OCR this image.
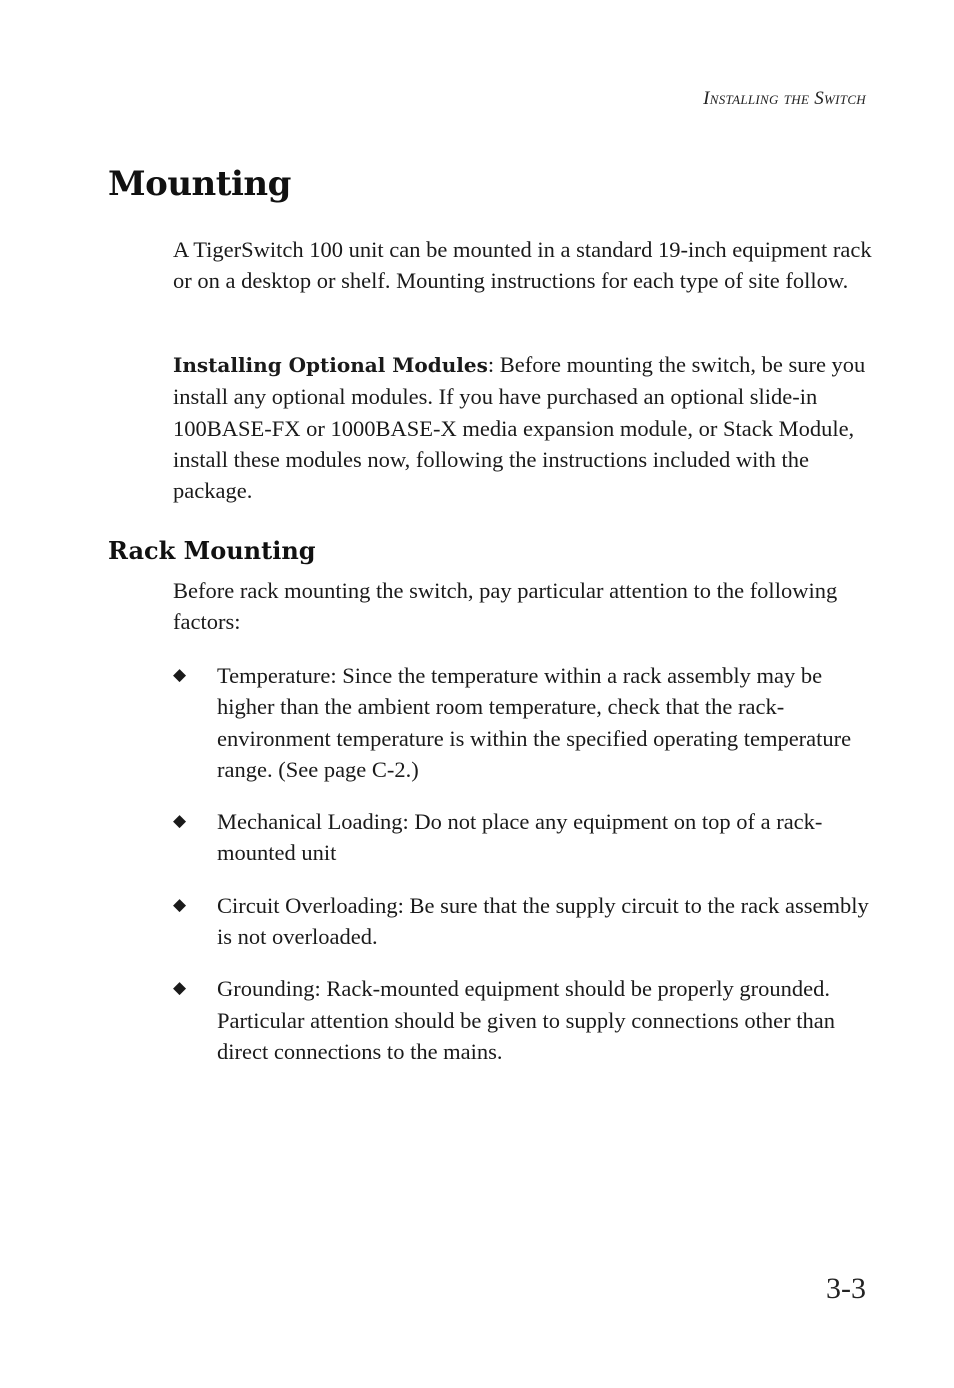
Installing the Switch
Mounting

A TigerSwitch 100 unit can be mounted in a standard 19-inch equipment rack or on a desktop or shelf. Mounting instructions for each type of site follow.

Installing Optional Modules: Before mounting the switch, be sure you install any optional modules. If you have purchased an optional slide-in 100BASE-FX or 1000BASE-X media expansion module, or Stack Module, install these modules now, following the instructions included with the package.

Rack Mounting

Before rack mounting the switch, pay particular attention to the following factors:

◆ Temperature: Since the temperature within a rack assembly may be higher than the ambient room temperature, check that the rack-environment temperature is within the specified operating temperature range. (See page C-2.)
◆ Mechanical Loading: Do not place any equipment on top of a rack-mounted unit
◆ Circuit Overloading: Be sure that the supply circuit to the rack assembly is not overloaded.
◆ Grounding: Rack-mounted equipment should be properly grounded. Particular attention should be given to supply connections other than direct connections to the mains.
3-3
